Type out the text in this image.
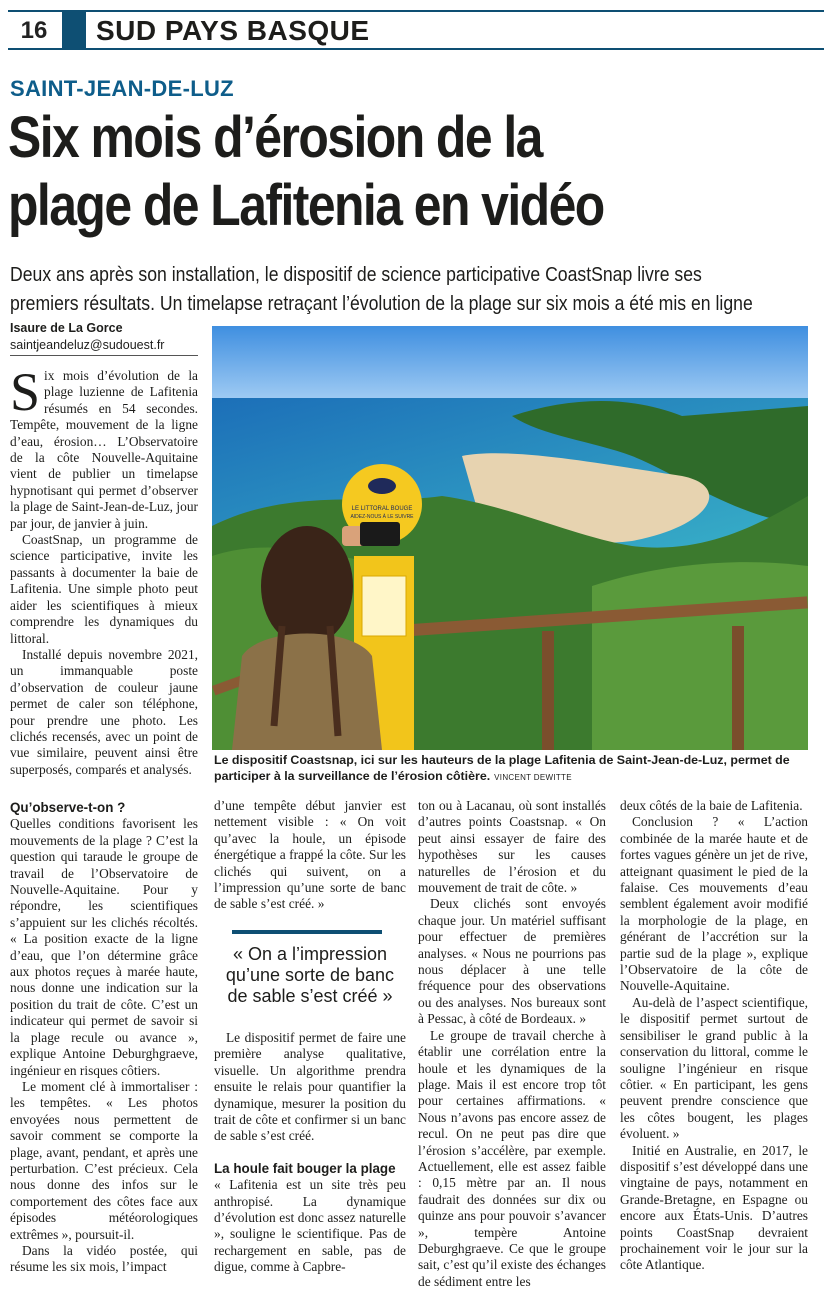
16	SUD PAYS BASQUE
SAINT-JEAN-DE-LUZ
Six mois d’érosion de la
plage de Lafitenia en vidéo
Deux ans après son installation, le dispositif de science participative CoastSnap livre ses
premiers résultats. Un timelapse retraçant l’évolution de la plage sur six mois a été mis en ligne
Isaure de La Gorce
saintjeandeluz@sudouest.fr
LE LITTORAL BOUGE
AIDEZ-NOUS À LE SUIVRE
Le dispositif Coastsnap, ici sur les hauteurs de la plage Lafitenia de Saint-Jean-de-Luz, permet de participer à la surveillance de l’érosion côtière. VINCENT DEWITTE

Six mois d’évolution de la plage luzienne de Lafitenia résumés en 54 secondes. Tempête, mouvement de la ligne d’eau, érosion… L’Observatoire de la côte Nouvelle-Aquitaine vient de publier un timelapse hypnotisant qui permet d’observer la plage de Saint-Jean-de-Luz, jour par jour, de janvier à juin.

CoastSnap, un programme de science participative, invite les passants à documenter la baie de Lafitenia. Une simple photo peut aider les scientifiques à mieux comprendre les dynamiques du littoral.

Installé depuis novembre 2021, un immanquable poste d’observation de couleur jaune permet de caler son téléphone, pour prendre une photo. Les clichés recensés, avec un point de vue similaire, peuvent ainsi être superposés, comparés et analysés.

Qu’observe-t-on ?

Quelles conditions favorisent les mouvements de la plage ? C’est la question qui taraude le groupe de travail de l’Observatoire de Nouvelle-Aquitaine. Pour y répondre, les scientifiques s’appuient sur les clichés récoltés. « La position exacte de la ligne d’eau, que l’on détermine grâce aux photos reçues à marée haute, nous donne une indication sur la position du trait de côte. C’est un indicateur qui permet de savoir si la plage recule ou avance », explique Antoine Deburghgraeve, ingénieur en risques côtiers.

Le moment clé à immortaliser : les tempêtes. « Les photos envoyées nous permettent de savoir comment se comporte la plage, avant, pendant, et après une perturbation. C’est précieux. Cela nous donne des infos sur le comportement des côtes face aux épisodes météorologiques extrêmes », poursuit-il.

Dans la vidéo postée, qui résume les six mois, l’impact

d’une tempête début janvier est nettement visible : « On voit qu’avec la houle, un épisode énergétique a frappé la côte. Sur les clichés qui suivent, on a l’impression qu’une sorte de banc de sable s’est créé. »

« On a l’impression qu’une sorte de banc de sable s’est créé »

Le dispositif permet de faire une première analyse qualitative, visuelle. Un algorithme prendra ensuite le relais pour quantifier la dynamique, mesurer la position du trait de côte et confirmer si un banc de sable s’est créé.

La houle fait bouger la plage

« Lafitenia est un site très peu anthropisé. La dynamique d’évolution est donc assez naturelle », souligne le scientifique. Pas de rechargement en sable, pas de digue, comme à Capbre-

ton ou à Lacanau, où sont installés d’autres points Coastsnap. « On peut ainsi essayer de faire des hypothèses sur les causes naturelles de l’érosion et du mouvement de trait de côte. »

Deux clichés sont envoyés chaque jour. Un matériel suffisant pour effectuer de premières analyses. « Nous ne pourrions pas nous déplacer à une telle fréquence pour des observations ou des analyses. Nos bureaux sont à Pessac, à côté de Bordeaux. »

Le groupe de travail cherche à établir une corrélation entre la houle et les dynamiques de la plage. Mais il est encore trop tôt pour certaines affirmations. « Nous n’avons pas encore assez de recul. On ne peut pas dire que l’érosion s’accélère, par exemple. Actuellement, elle est assez faible : 0,15 mètre par an. Il nous faudrait des données sur dix ou quinze ans pour pouvoir s’avancer », tempère Antoine Deburghgraeve. Ce que le groupe sait, c’est qu’il existe des échanges de sédiment entre les

deux côtés de la baie de Lafitenia.

Conclusion ? « L’action combinée de la marée haute et de fortes vagues génère un jet de rive, atteignant quasiment le pied de la falaise. Ces mouvements d’eau semblent également avoir modifié la morphologie de la plage, en générant de l’accrétion sur la partie sud de la plage », explique l’Observatoire de la côte de Nouvelle-Aquitaine.

Au-delà de l’aspect scientifique, le dispositif permet surtout de sensibiliser le grand public à la conservation du littoral, comme le souligne l’ingénieur en risque côtier. « En participant, les gens peuvent prendre conscience que les côtes bougent, les plages évoluent. »

Initié en Australie, en 2017, le dispositif s’est développé dans une vingtaine de pays, notamment en Grande-Bretagne, en Espagne ou encore aux États-Unis. D’autres points CoastSnap devraient prochainement voir le jour sur la côte Atlantique.
